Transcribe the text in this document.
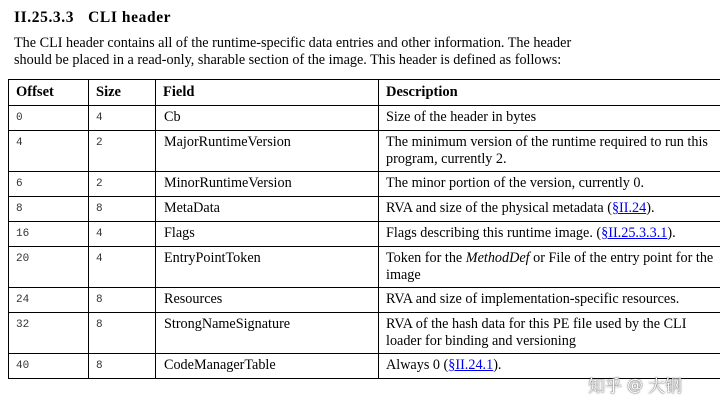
II.25.3.3 CLI header
The CLI header contains all of the runtime-specific data entries and other information. The header
should be placed in a read-only, sharable section of the image. This header is defined as follows:
Offset	Size	Field	Description
0	4	Cb	Size of the header in bytes
4	2	MajorRuntimeVersion	The minimum version of the runtime required to run this program, currently 2.
6	2	MinorRuntimeVersion	The minor portion of the version, currently 0.
8	8	MetaData	RVA and size of the physical metadata (§II.24).
16	4	Flags	Flags describing this runtime image. (§II.25.3.3.1).
20	4	EntryPointToken	Token for the MethodDef or File of the entry point for the image
24	8	Resources	RVA and size of implementation-specific resources.
32	8	StrongNameSignature	RVA of the hash data for this PE file used by the CLI loader for binding and versioning
40	8	CodeManagerTable	Always 0 (§II.24.1).
知乎 @ 大钢
